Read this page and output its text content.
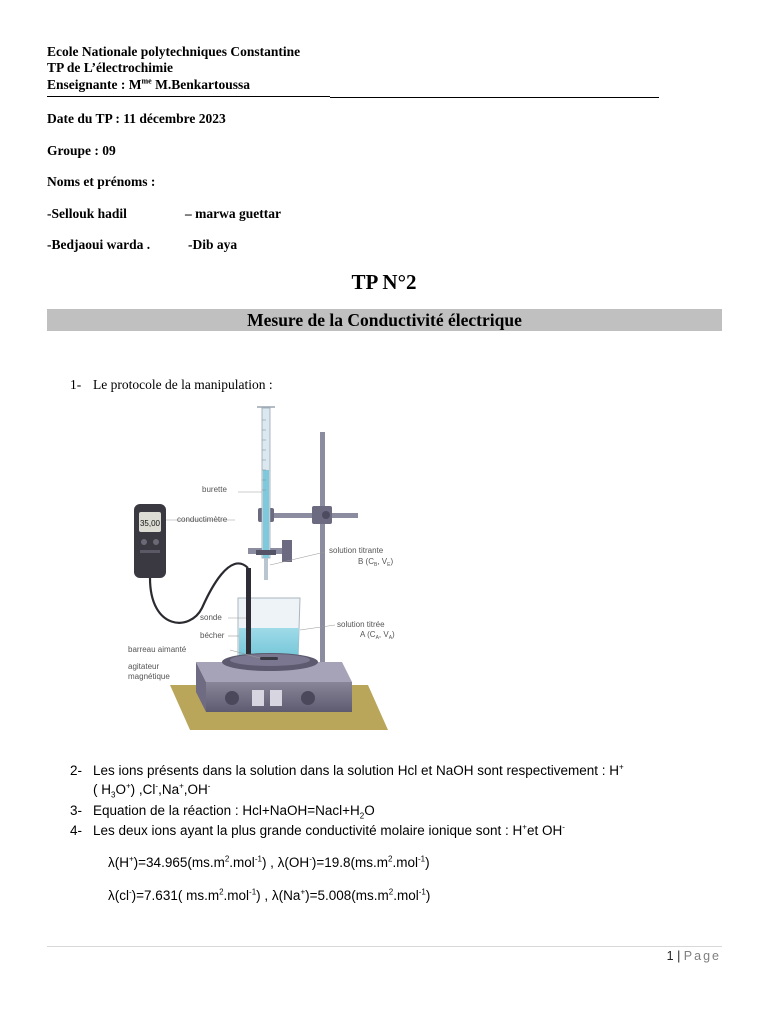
Ecole Nationale polytechniques Constantine
TP de L’électrochimie
Enseignante : $M^{me}$ M.Benkartoussa
Date du TP : 11 décembre 2023
Groupe : 09
Noms et prénoms :
-Sellouk hadil	– marwa guettar
-Bedjaoui warda .	-Dib aya
TP N°2
Mesure de la Conductivité électrique
1- Le protocole de la manipulation :
35,00
burette
conductimètre
solution titrante
B ($C_B$, $V_E$)
sonde
bécher
solution titrée
A ($C_A$, $V_A$)
barreau aimanté
agitateur
magnétique
2- Les ions présents dans la solution dans la solution Hcl et NaOH sont respectivement : H+
( $H_3O^+$) ,Cl-,Na+,OH-
3- Equation de la réaction : $Hcl+NaOH=Nacl+H_2O$
4- Les deux ions ayant la plus grande conductivité molaire ionique sont : H+et OH-
$\lambda(H^+)=34.965(ms.m^2.mol^{-1})$ , $\lambda(OH^-)=19.8(ms.m^2.mol^{-1})$
λ(cl-)=7.631( $ms.m^2.mol^{-1}$) , $\lambda(Na^+)=5.008(ms.m^2.mol^{-1})$
1 | Page
